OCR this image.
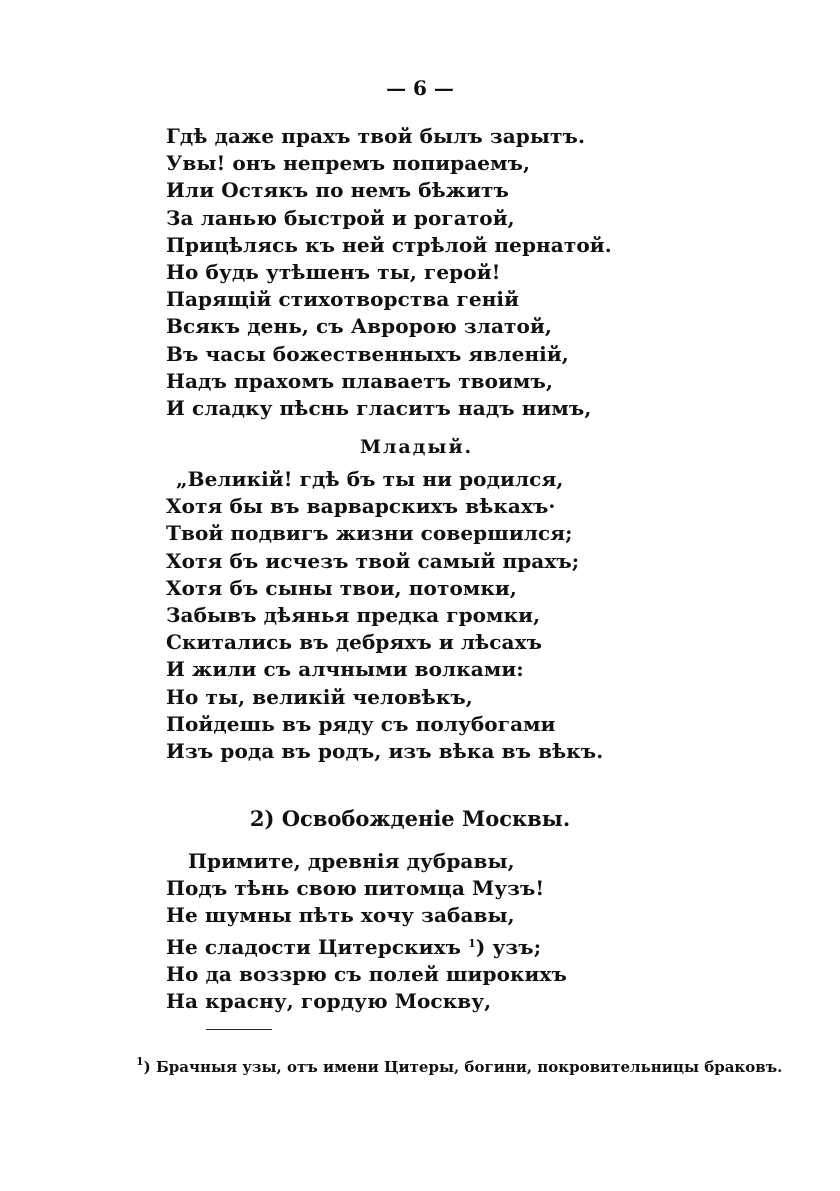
— 6 —
Гдѣ даже прахъ твой былъ зарытъ.
Увы! онъ непремъ попираемъ,
Или Остякъ по немъ бѣжитъ
За ланью быстрой и рогатой,
Прицѣлясь къ ней стрѣлой пернатой.
Но будь утѣшенъ ты, герой!
Парящій стихотворства геній
Всякъ день, съ Авророю златой,
Въ часы божественныхъ явленій,
Надъ прахомъ плаваетъ твоимъ,
И сладку пѣснь гласитъ надъ нимъ,
Младый.
„Великій! гдѣ бъ ты ни родился,
Хотя бы въ варварскихъ вѣкахъ·
Твой подвигъ жизни совершился;
Хотя бъ исчезъ твой самый прахъ;
Хотя бъ сыны твои, потомки,
Забывъ дѣянья предка громки,
Скитались въ дебряхъ и лѣсахъ
И жили съ алчными волками:
Но ты, великій человѣкъ,
Пойдешь въ ряду съ полубогами
Изъ рода въ родъ, изъ вѣка въ вѣкъ.
2) Освобожденіе Москвы.
Примите, древнія дубравы,
Подъ тѣнь свою питомца Музъ!
Не шумны пѣть хочу забавы,
Не сладости Цитерскихъ $^1$) узъ;
Но да воззрю съ полей широкихъ
На красну, гордую Москву,
$^1$) Брачныя узы, отъ имени Цитеры, богини, покровительницы браковъ.
